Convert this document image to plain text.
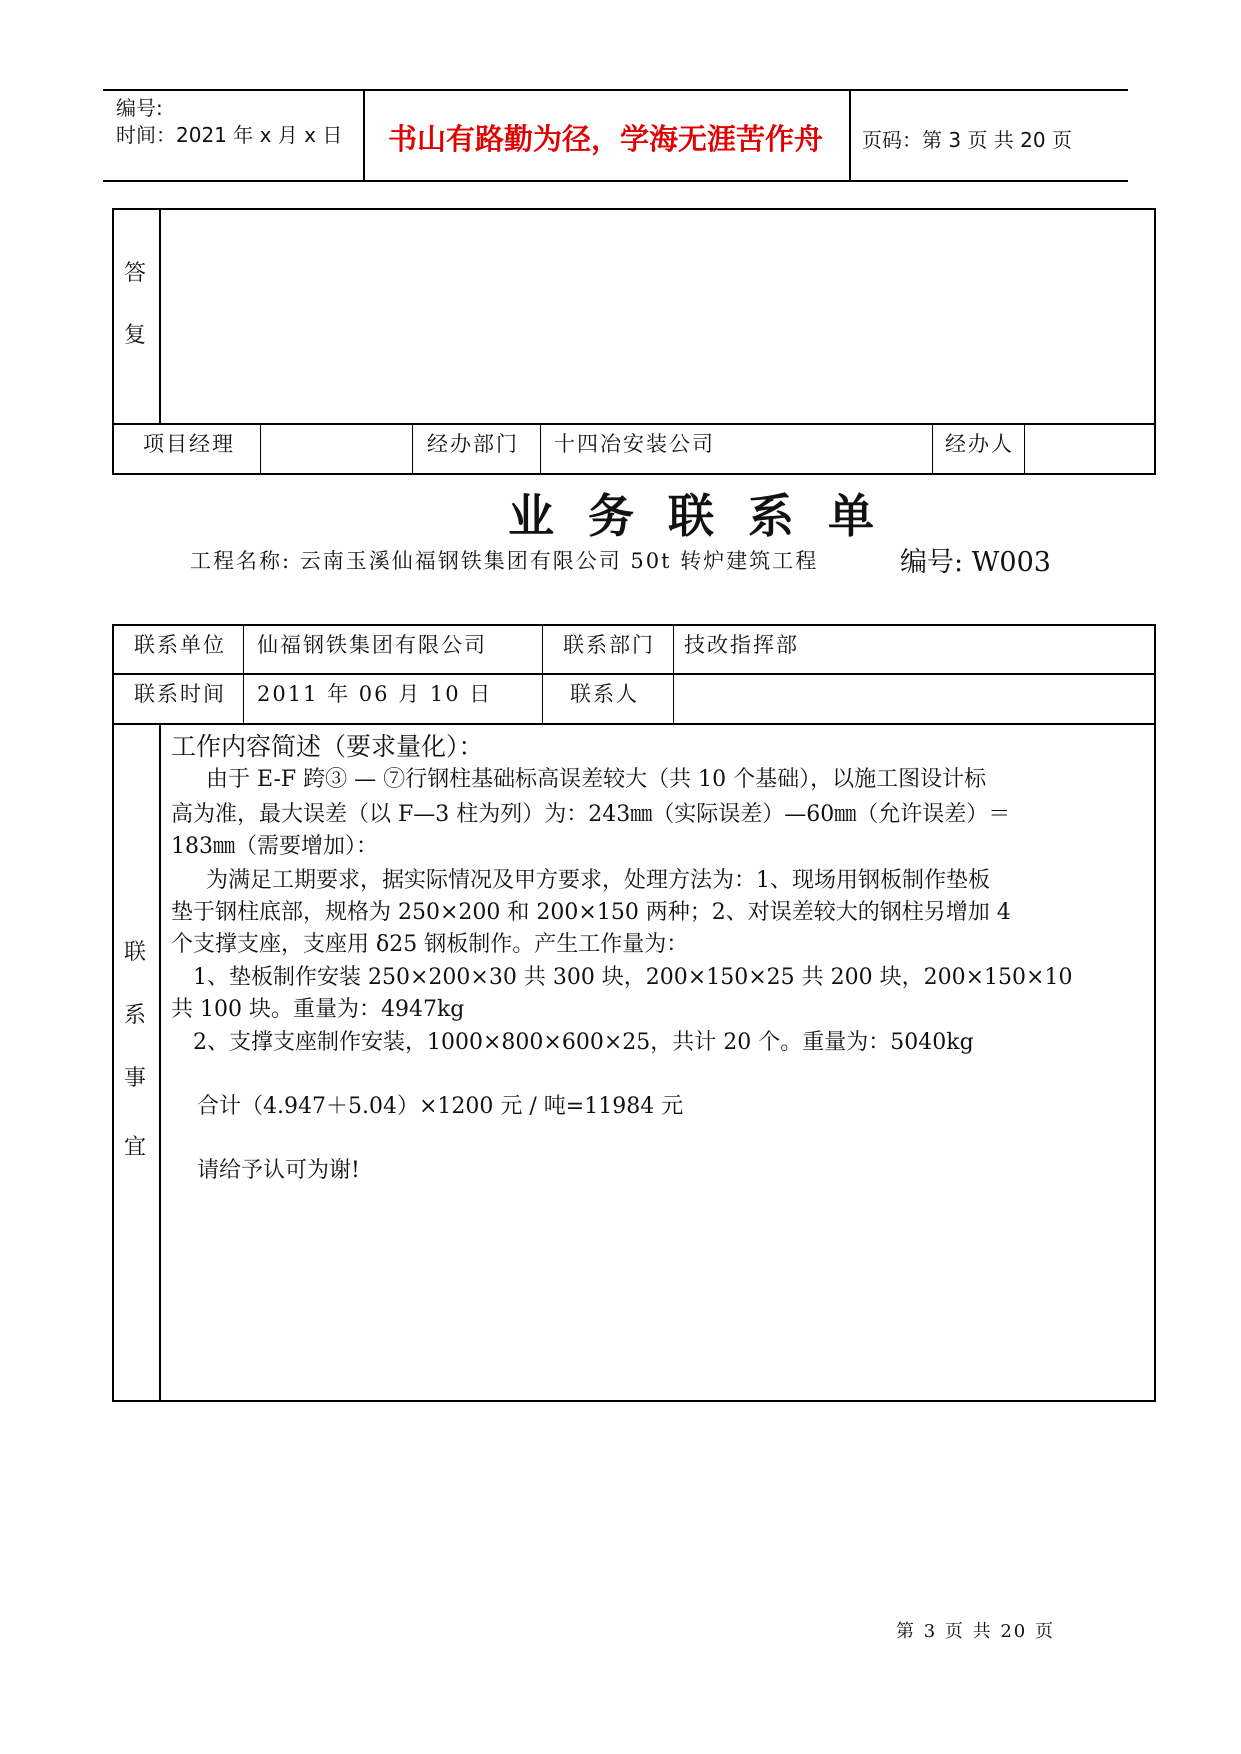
编号:
时间：2021 年 x 月 x 日 书山有路勤为径，学海无涯苦作舟 页码：第 3 页 共 20 页
答
复
项目经理	经办部门 十四冶安装公司	经办人
业务联系单
工程名称: 云南玉溪仙福钢铁集团有限公司 50t 转炉建筑工程	编号: W003
联系单位 仙福钢铁集团有限公司	联系部门 技改指挥部
联系时间 2011 年 06 月 10 日	联系人
联
系
事
宜
工作内容简述（要求量化）：
由于 E-F 跨③ — ⑦行钢柱基础标高误差较大（共 10 个基础），以施工图设计标
高为准，最大误差（以 F—3 柱为列）为：243㎜（实际误差）—60㎜（允许误差）＝
183㎜（需要增加）：
为满足工期要求，据实际情况及甲方要求，处理方法为：1、现场用钢板制作垫板
垫于钢柱底部，规格为 250×200 和 200×150 两种；2、对误差较大的钢柱另增加 4
个支撑支座，支座用 δ25 钢板制作。产生工作量为：
1、垫板制作安装 250×200×30 共 300 块，200×150×25 共 200 块，200×150×10
共 100 块。重量为：4947kg
2、支撑支座制作安装，1000×800×600×25，共计 20 个。重量为：5040kg
合计（4.947＋5.04）×1200 元 / 吨=11984 元
请给予认可为谢!
第 3 页 共 20 页
